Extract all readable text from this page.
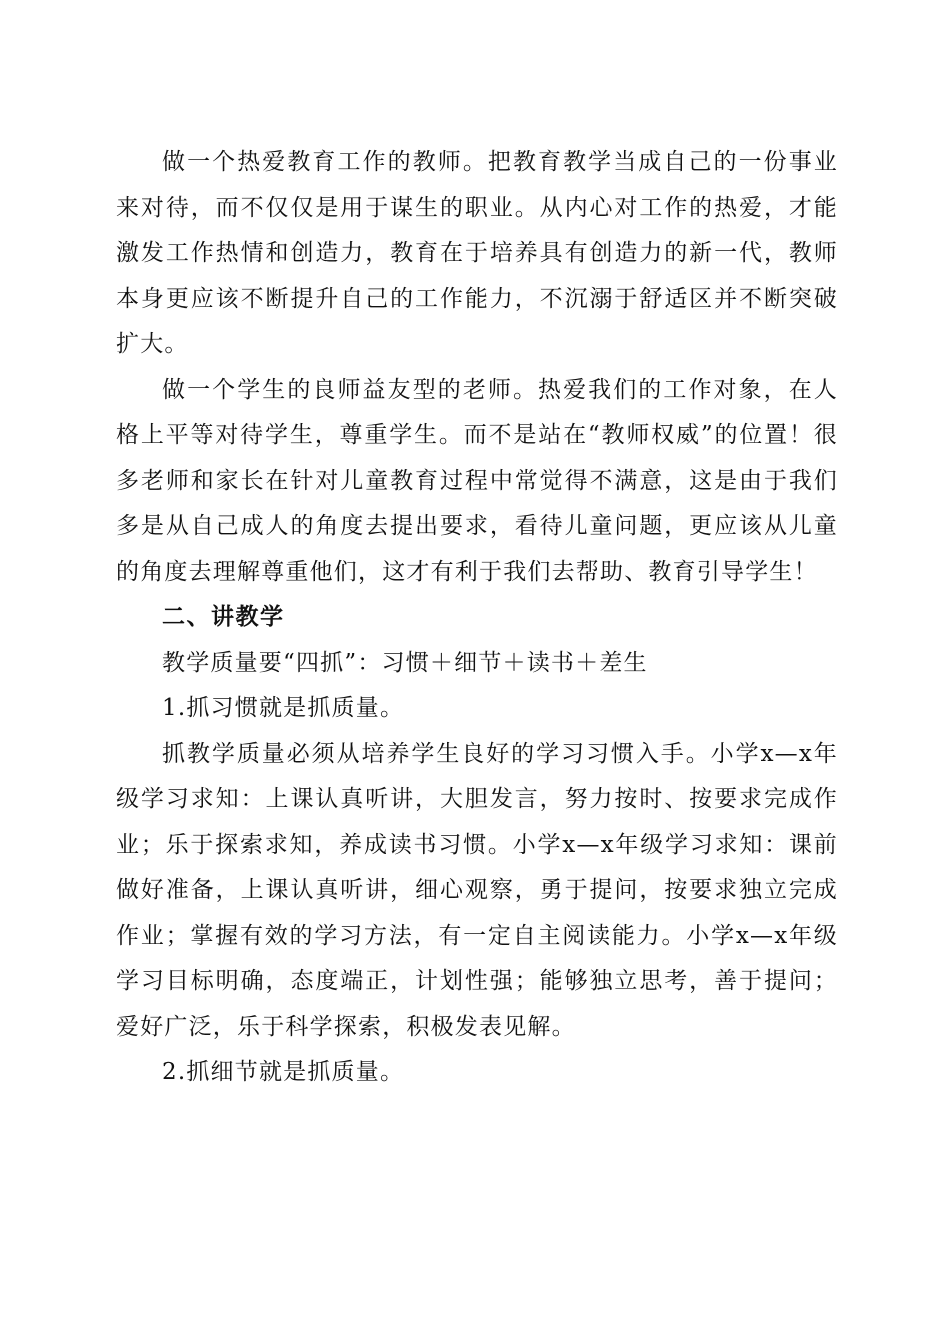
做一个热爱教育工作的教师。把教育教学当成自己的一份事业来对待，而不仅仅是用于谋生的职业。从内心对工作的热爱，才能激发工作热情和创造力，教育在于培养具有创造力的新一代，教师本身更应该不断提升自己的工作能力，不沉溺于舒适区并不断突破扩大。

做一个学生的良师益友型的老师。热爱我们的工作对象，在人格上平等对待学生，尊重学生。而不是站在“教师权威”的位置！很多老师和家长在针对儿童教育过程中常觉得不满意，这是由于我们多是从自己成人的角度去提出要求，看待儿童问题，更应该从儿童的角度去理解尊重他们，这才有利于我们去帮助、教育引导学生！

二、讲教学

教学质量要“四抓”：习惯＋细节＋读书＋差生

1.抓习惯就是抓质量。

抓教学质量必须从培养学生良好的学习习惯入手。小学x—x年级学习求知：上课认真听讲，大胆发言，努力按时、按要求完成作业；乐于探索求知，养成读书习惯。小学x—x年级学习求知：课前做好准备，上课认真听讲，细心观察，勇于提问，按要求独立完成作业；掌握有效的学习方法，有一定自主阅读能力。小学x—x年级学习目标明确，态度端正，计划性强；能够独立思考，善于提问；爱好广泛，乐于科学探索，积极发表见解。

2.抓细节就是抓质量。
